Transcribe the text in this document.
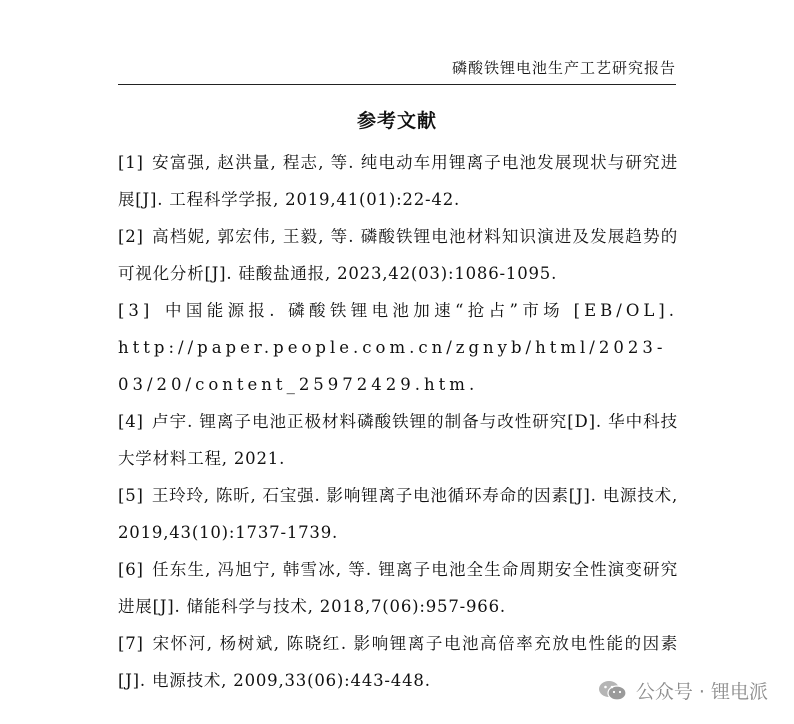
磷酸铁锂电池生产工艺研究报告
参考文献

[1] 安富强, 赵洪量, 程志, 等. 纯电动车用锂离子电池发展现状与研究进展[J]. 工程科学学报, 2019,41(01):22-42.

[2] 高档妮, 郭宏伟, 王毅, 等. 磷酸铁锂电池材料知识演进及发展趋势的可视化分析[J]. 硅酸盐通报, 2023,42(03):1086-1095.

[3] 中国能源报. 磷酸铁锂电池加速“抢占”市场 [EB/OL]. http://paper.people.com.cn/zgnyb/html/2023-03/20/content_25972429.htm.

[4] 卢宇. 锂离子电池正极材料磷酸铁锂的制备与改性研究[D]. 华中科技大学材料工程, 2021.

[5] 王玲玲, 陈昕, 石宝强. 影响锂离子电池循环寿命的因素[J]. 电源技术, 2019,43(10):1737-1739.

[6] 任东生, 冯旭宁, 韩雪冰, 等. 锂离子电池全生命周期安全性演变研究进展[J]. 储能科学与技术, 2018,7(06):957-966.

[7] 宋怀河, 杨树斌, 陈晓红. 影响锂离子电池高倍率充放电性能的因素[J]. 电源技术, 2009,33(06):443-448.

公众号 · 锂电派
